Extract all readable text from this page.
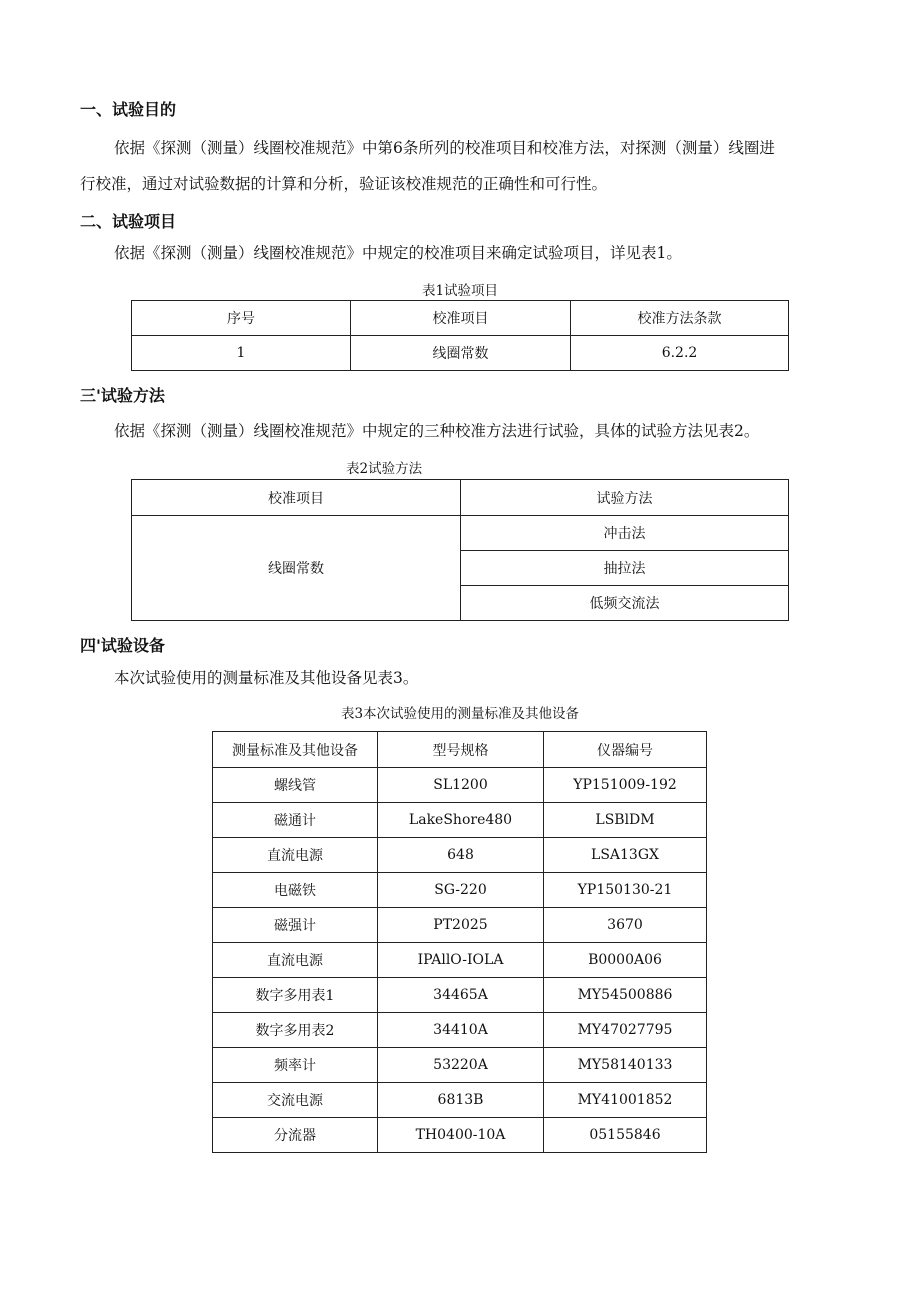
一、试验目的

依据《探测（测量）线圈校准规范》中第6条所列的校准项目和校准方法，对探测（测量）线圈进

行校准，通过对试验数据的计算和分析，验证该校准规范的正确性和可行性。

二、试验项目

依据《探测（测量）线圈校准规范》中规定的校准项目来确定试验项目，详见表1。

表1试验项目
序号	校准项目	校准方法条款
1	线圈常数	6.2.2
三'试验方法

依据《探测（测量）线圈校准规范》中规定的三种校准方法进行试验，具体的试验方法见表2。

表2试验方法
校准项目	试验方法
线圈常数	冲击法
	抽拉法
	低频交流法
四'试验设备

本次试验使用的测量标准及其他设备见表3。

表3本次试验使用的测量标准及其他设备
测量标准及其他设备	型号规格	仪器编号
螺线管	SL1200	YP151009-192
磁通计	LakeShore480	LSBlDM
直流电源	648	LSA13GX
电磁铁	SG-220	YP150130-21
磁强计	PT2025	3670
直流电源	IPAllO-IOLA	B0000A06
数字多用表1	34465A	MY54500886
数字多用表2	34410A	MY47027795
频率计	53220A	MY58140133
交流电源	6813B	MY41001852
分流器	TH0400-10A	05155846
